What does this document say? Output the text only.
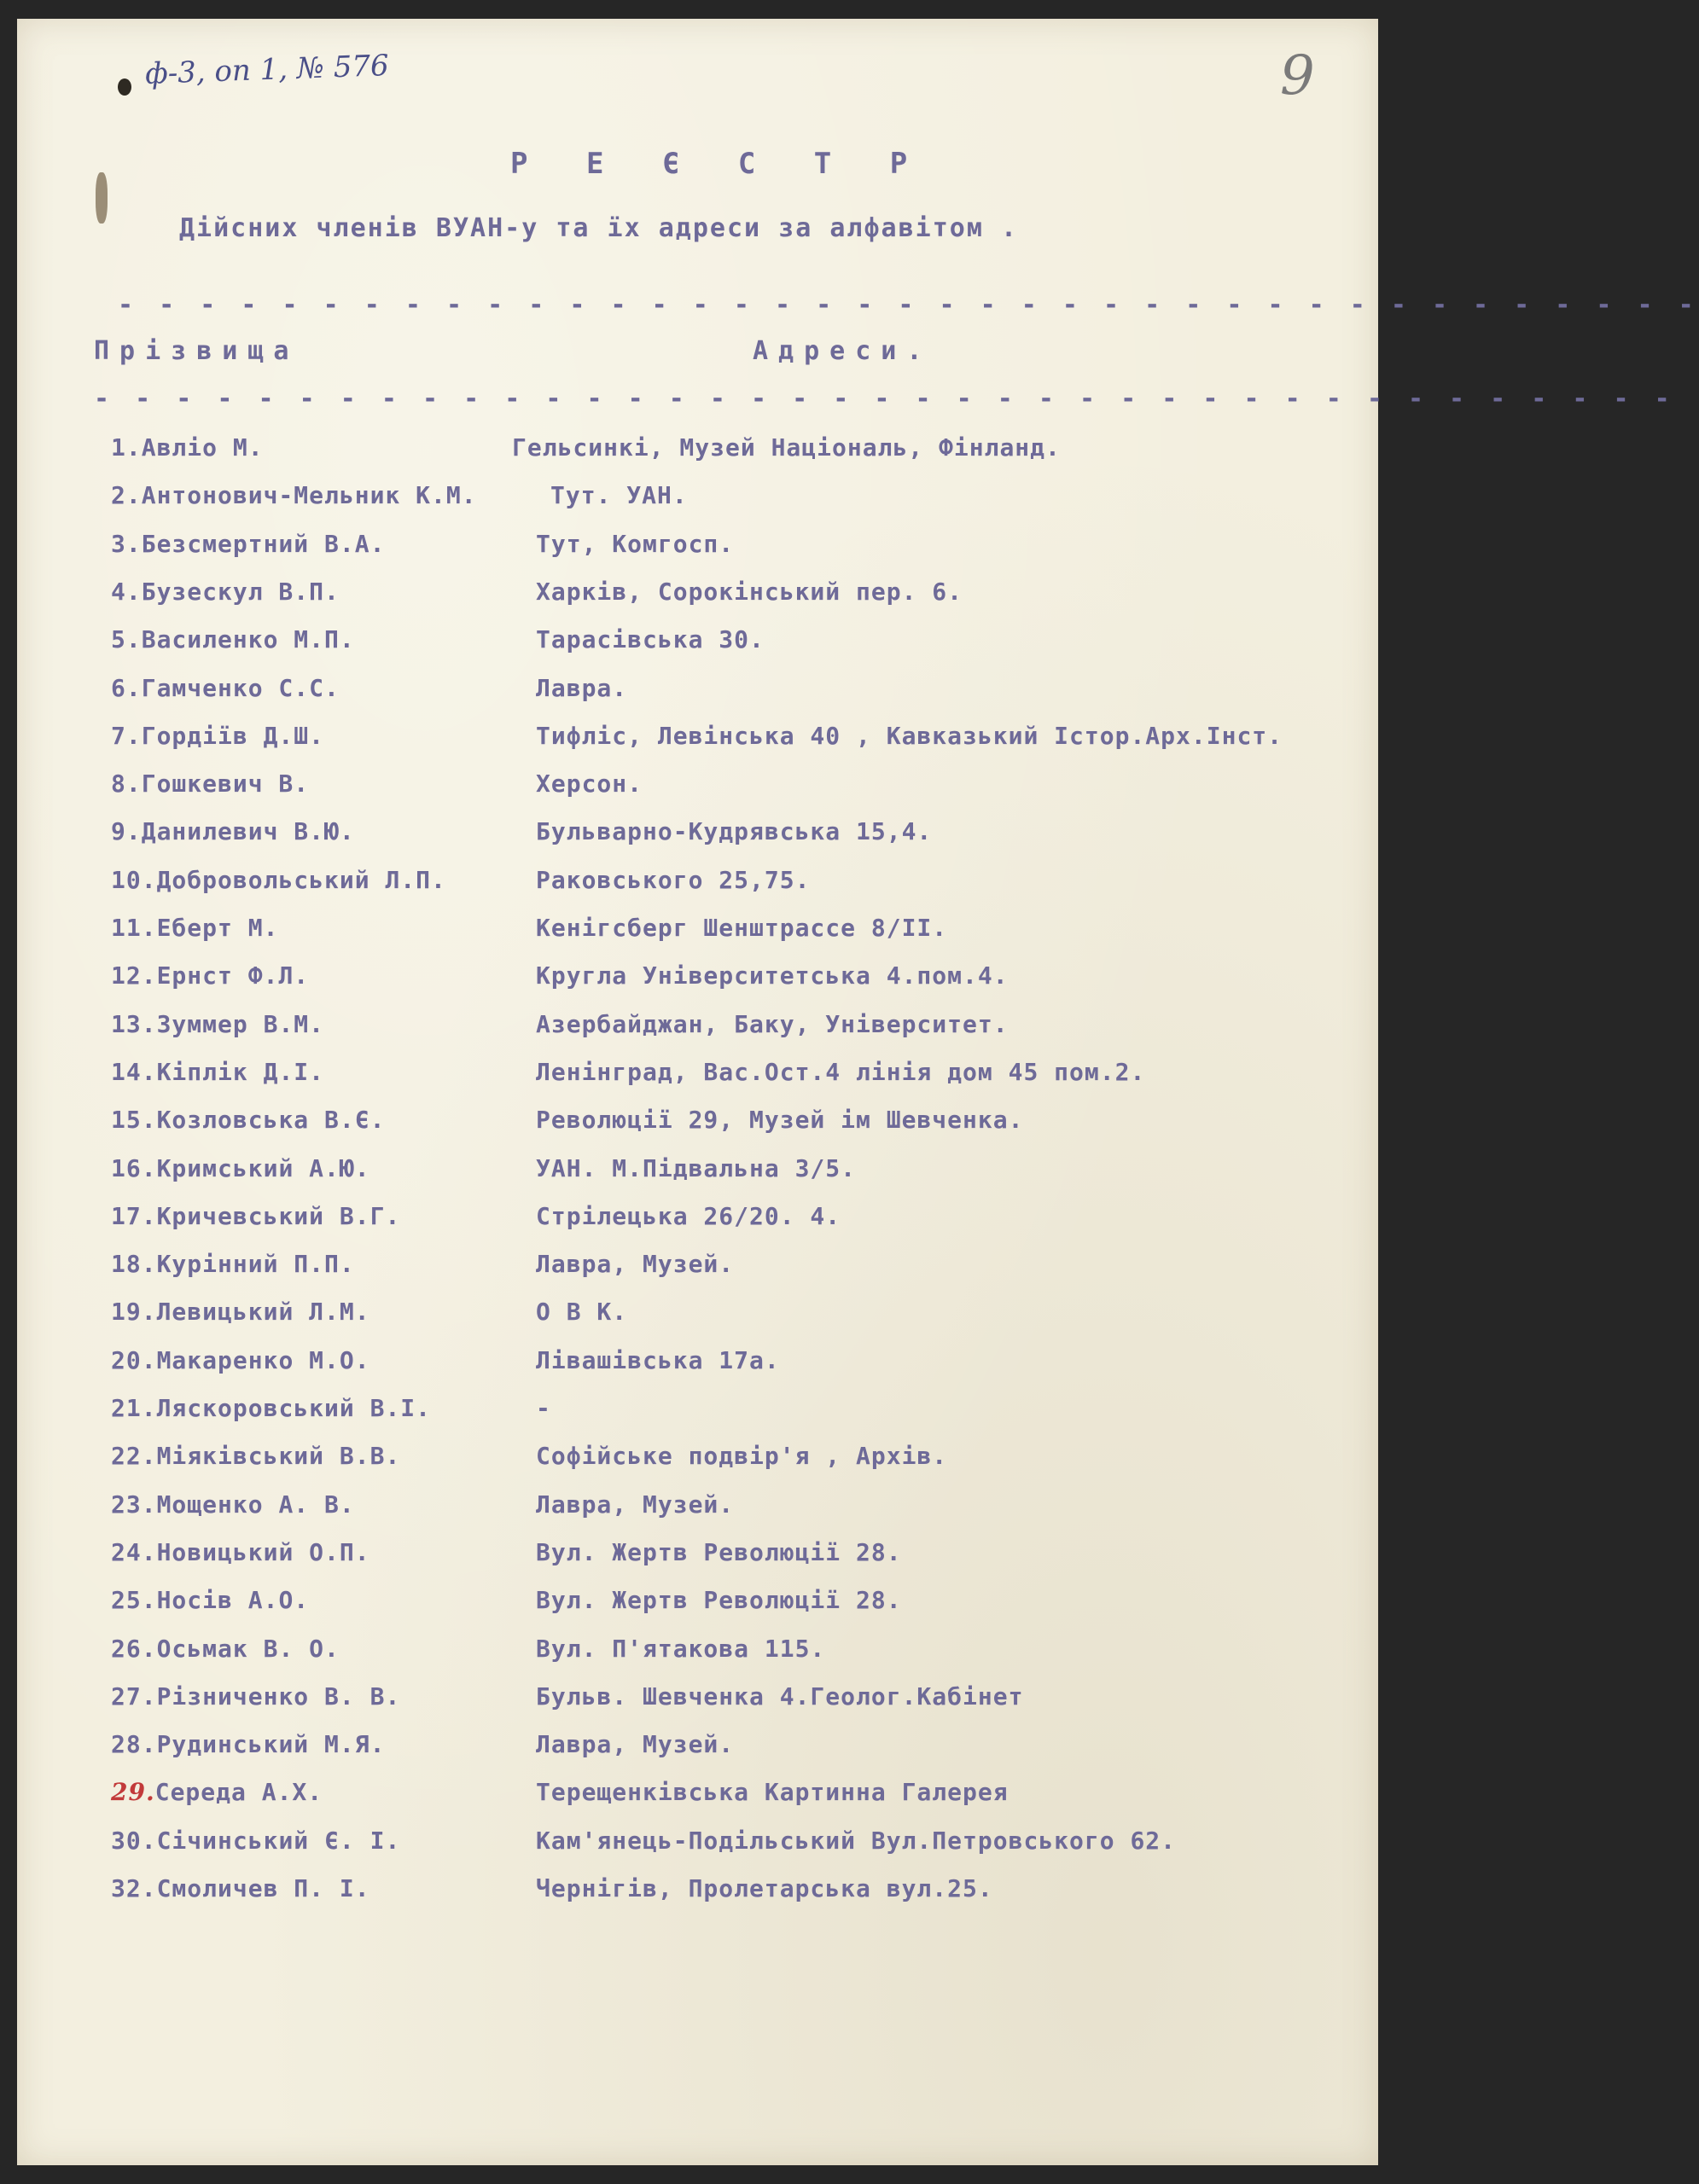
ф-3, оп 1, № 576	9
Р Е Є С Т Р
Дійсних членів ВУАН-у та їх адреси за алфавітом .
- - - - - - - - - - - - - - - - - - - - - - - - - - - - - - - - - - - - - - -
Прізвища	Адреси.
- - - - - - - - - - - - - - - - - - - - - - - - - - - - - - - - - - - - - - -
1.Авліо М.	Гельсинкі, Музей Національ, Фінланд.
2.Антонович-Мельник К.М.	Тут. УАН.
3.Безсмертний В.А.	Тут, Комгосп.
4.Бузескул В.П.	Харків, Сорокінський пер. 6.
5.Василенко М.П.	Тарасівська 30.
6.Гамченко С.С.	Лавра.
7.Гордіїв Д.Ш.	Тифліс, Левінська 40 , Кавказький Істор.Арх.Інст.
8.Гошкевич В.	Херсон.
9.Данилевич В.Ю.	Бульварно-Кудрявська 15,4.
10.Добровольський Л.П.	Раковського 25,75.
11.Еберт М.	Кенігсберг Шенштрассе 8/II.
12.Ернст Ф.Л.	Кругла Університетська 4.пом.4.
13.Зуммер В.М.	Азербайджан, Баку, Університет.
14.Кіплік Д.І.	Ленінград, Вас.Ост.4 лінія дом 45 пом.2.
15.Козловська В.Є.	Революції 29, Музей ім Шевченка.
16.Кримський А.Ю.	УАН. М.Підвальна 3/5.
17.Кричевський В.Г.	Стрілецька 26/20. 4.
18.Курінний П.П.	Лавра, Музей.
19.Левицький Л.М.	О В К.
20.Макаренко М.О.	Лівашівська 17а.
21.Ляскоровський В.І.	-
22.Міяківський В.В.	Софійське подвір'я , Архів.
23.Мощенко А. В.	Лавра, Музей.
24.Новицький О.П.	Вул. Жертв Революції 28.
25.Носів А.О.	Вул. Жертв Революції 28.
26.Осьмак В. О.	Вул. П'ятакова 115.
27.Різниченко В. В.	Бульв. Шевченка 4.Геолог.Кабінет
28.Рудинський М.Я.	Лавра, Музей.
29.Середа А.Х.	Терещенківська Картинна Галерея
30.Січинський Є. І.	Кам'янець-Подільський Вул.Петровського 62.
32.Смоличев П. І.	Чернігів, Пролетарська вул.25.
